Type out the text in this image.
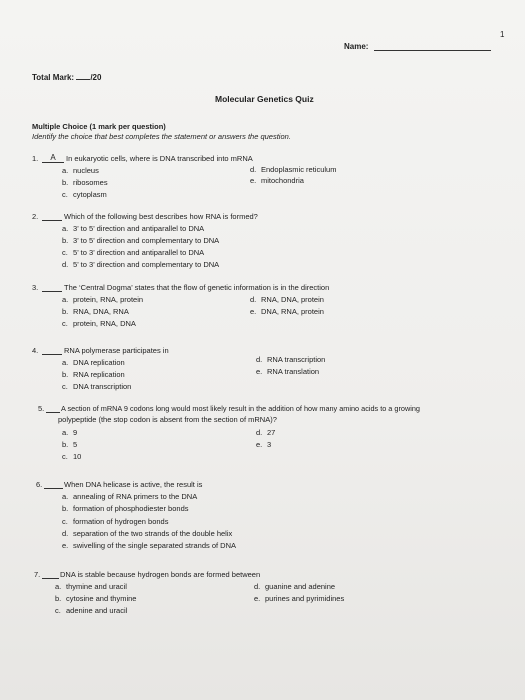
1
Name:
Total Mark: /20
Molecular Genetics Quiz
Multiple Choice (1 mark per question)
Identify the choice that best completes the statement or answers the question.
1.	A	In eukaryotic cells, where is DNA transcribed into mRNA
a. nucleus
b. ribosomes
c. cytoplasm
d. Endoplasmic reticulum
e. mitochondria
2.	Which of the following best describes how RNA is formed?
a. 3’ to 5’ direction and antiparallel to DNA
b. 3’ to 5’ direction and complementary to DNA
c. 5’ to 3’ direction and antiparallel to DNA
d. 5’ to 3’ direction and complementary to DNA
3.	The ‘Central Dogma’ states that the flow of genetic information is in the direction
a. protein, RNA, protein
b. RNA, DNA, RNA
c. protein, RNA, DNA
d. RNA, DNA, protein
e. DNA, RNA, protein
4.	RNA polymerase participates in
a. DNA replication
b. RNA replication
c. DNA transcription
d. RNA transcription
e. RNA translation
5. A section of mRNA 9 codons long would most likely result in the addition of how many amino acids to a growing
polypeptide (the stop codon is absent from the section of mRNA)?
a. 9
b. 5
c. 10
d. 27
e. 3
6.	When DNA helicase is active, the result is
a. annealing of RNA primers to the DNA
b. formation of phosphodiester bonds
c. formation of hydrogen bonds
d. separation of the two strands of the double helix
e. swivelling of the single separated strands of DNA
7.	DNA is stable because hydrogen bonds are formed between
a. thymine and uracil
b. cytosine and thymine
c. adenine and uracil
d. guanine and adenine
e. purines and pyrimidines
